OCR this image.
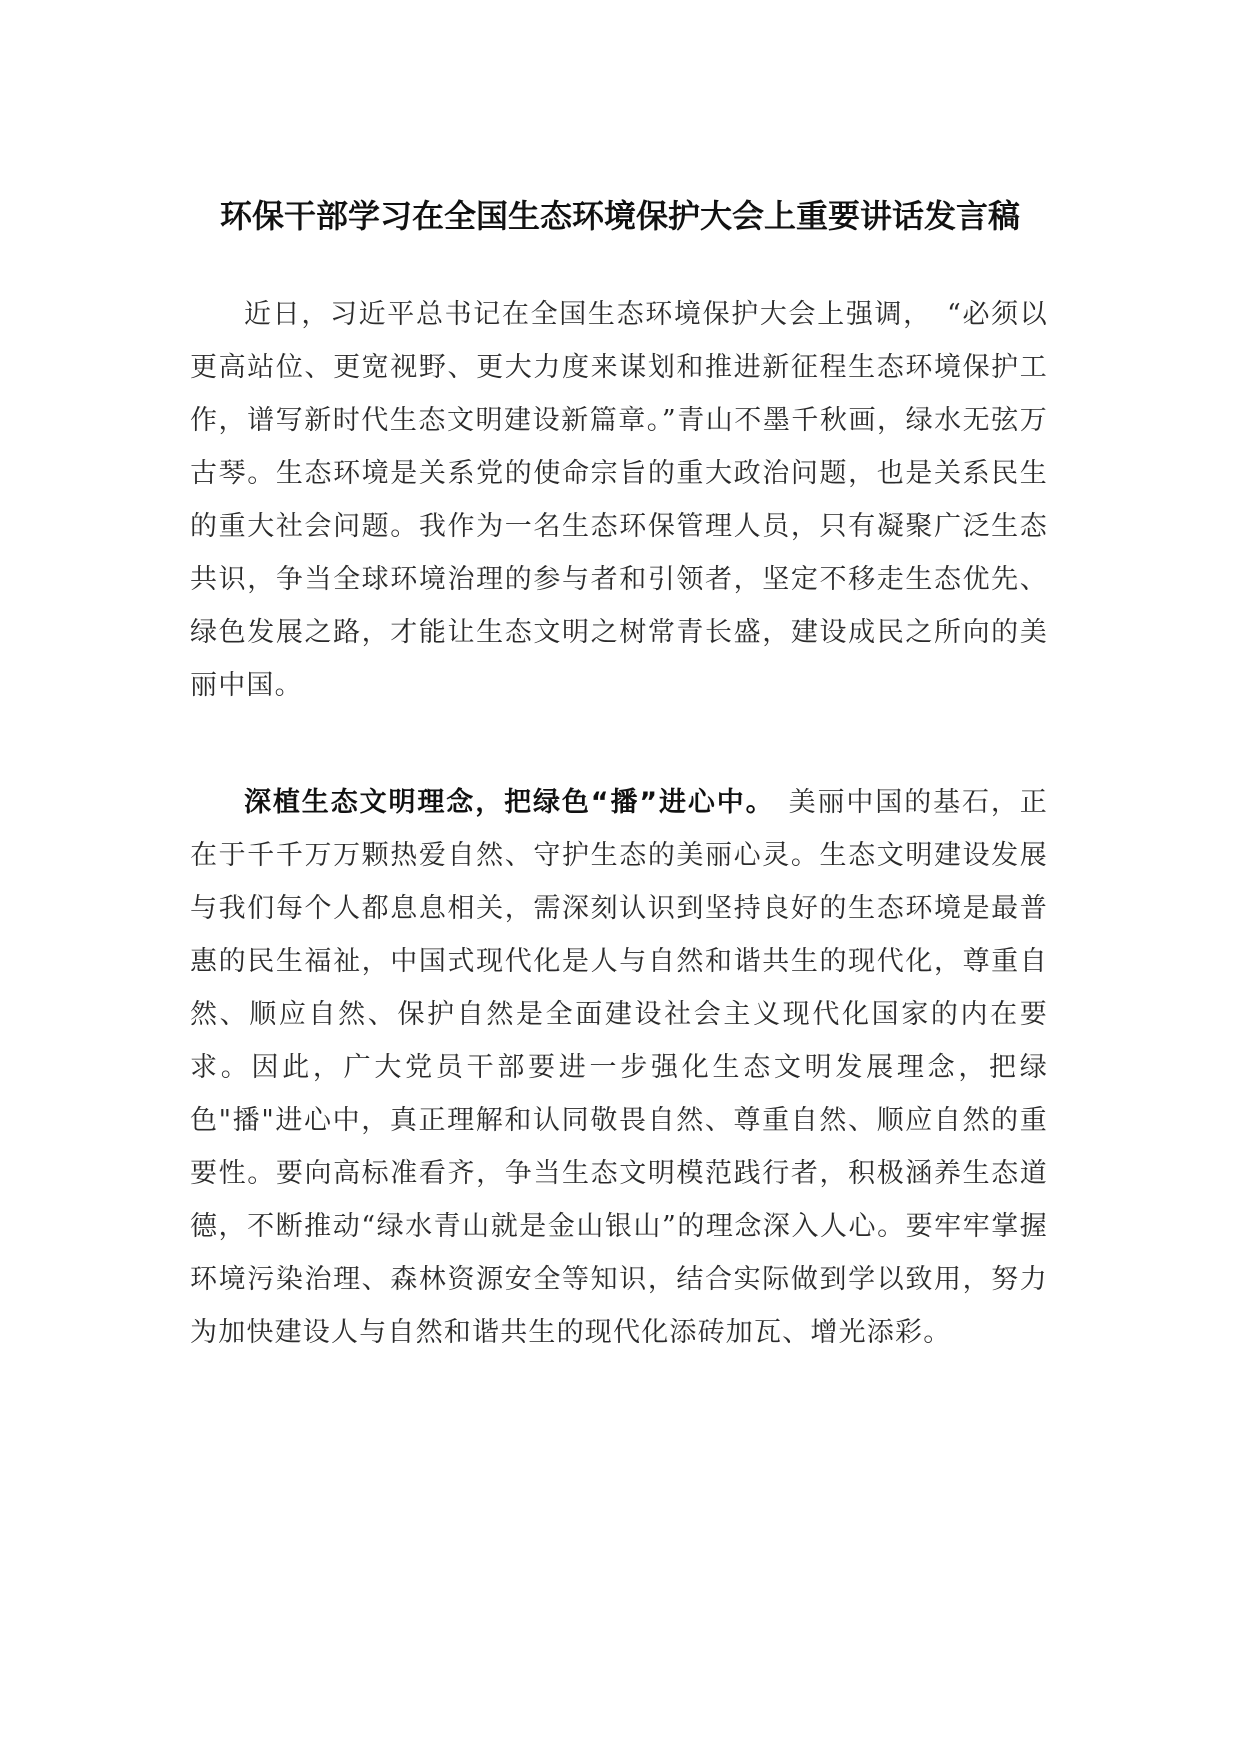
环保干部学习在全国生态环境保护大会上重要讲话发言稿

近日，习近平总书记在全国生态环境保护大会上强调，　“必须以更高站位、更宽视野、更大力度来谋划和推进新征程生态环境保护工作，谱写新时代生态文明建设新篇章。”青山不墨千秋画，绿水无弦万古琴。生态环境是关系党的使命宗旨的重大政治问题，也是关系民生的重大社会问题。我作为一名生态环保管理人员，只有凝聚广泛生态共识，争当全球环境治理的参与者和引领者，坚定不移走生态优先、绿色发展之路，才能让生态文明之树常青长盛，建设成民之所向的美丽中国。

深植生态文明理念，把绿色“播”进心中。 美丽中国的基石，正在于千千万万颗热爱自然、守护生态的美丽心灵。生态文明建设发展与我们每个人都息息相关，需深刻认识到坚持良好的生态环境是最普惠的民生福祉，中国式现代化是人与自然和谐共生的现代化，尊重自然、顺应自然、保护自然是全面建设社会主义现代化国家的内在要求。因此，广大党员干部要进一步强化生态文明发展理念，把绿色"播"进心中，真正理解和认同敬畏自然、尊重自然、顺应自然的重要性。要向高标准看齐，争当生态文明模范践行者，积极涵养生态道德，不断推动“绿水青山就是金山银山”的理念深入人心。要牢牢掌握环境污染治理、森林资源安全等知识，结合实际做到学以致用，努力为加快建设人与自然和谐共生的现代化添砖加瓦、增光添彩。
